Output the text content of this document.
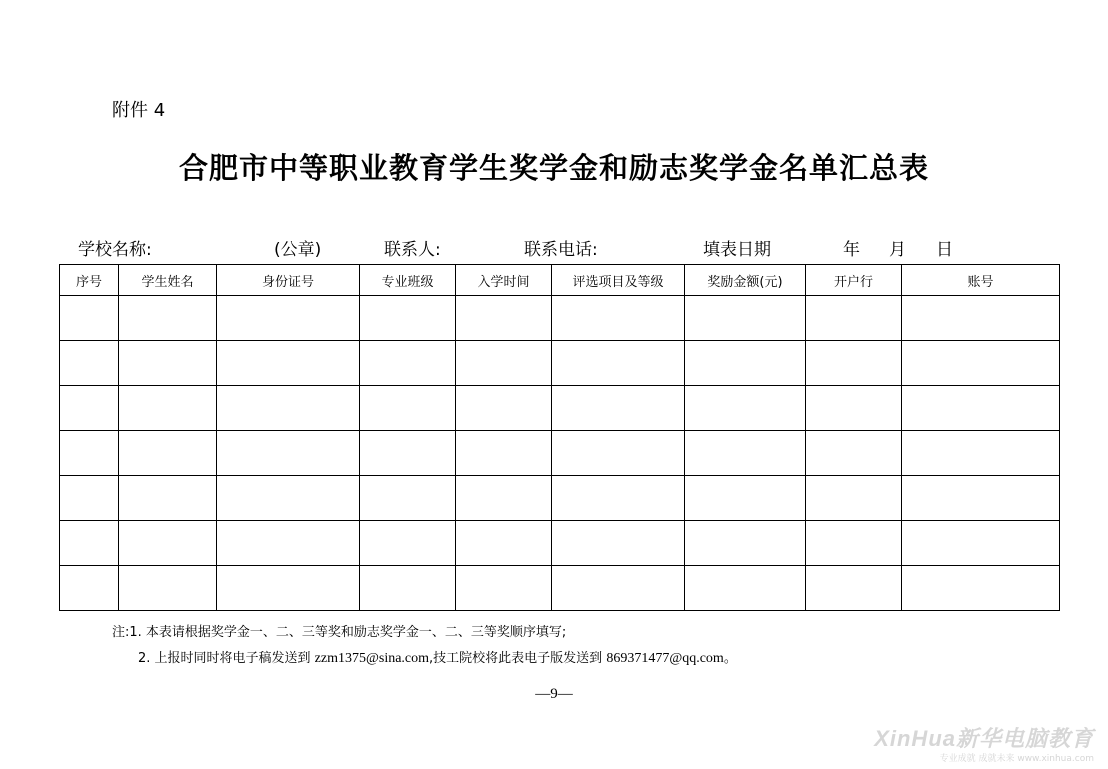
附件 4
合肥市中等职业教育学生奖学金和励志奖学金名单汇总表
学校名称:	(公章)	联系人:	联系电话:	填表日期	年 月 日
序号	学生姓名	身份证号	专业班级	入学时间	评选项目及等级	奖励金额(元)	开户行	账号

注:1. 本表请根据奖学金一、二、三等奖和励志奖学金一、二、三等奖顺序填写;
2. 上报时同时将电子稿发送到 zzm1375@sina.com,技工院校将此表电子版发送到 869371477@qq.com。
—9—
XinHua新华电脑教育
专业成就 成就未来 www.xinhua.com
